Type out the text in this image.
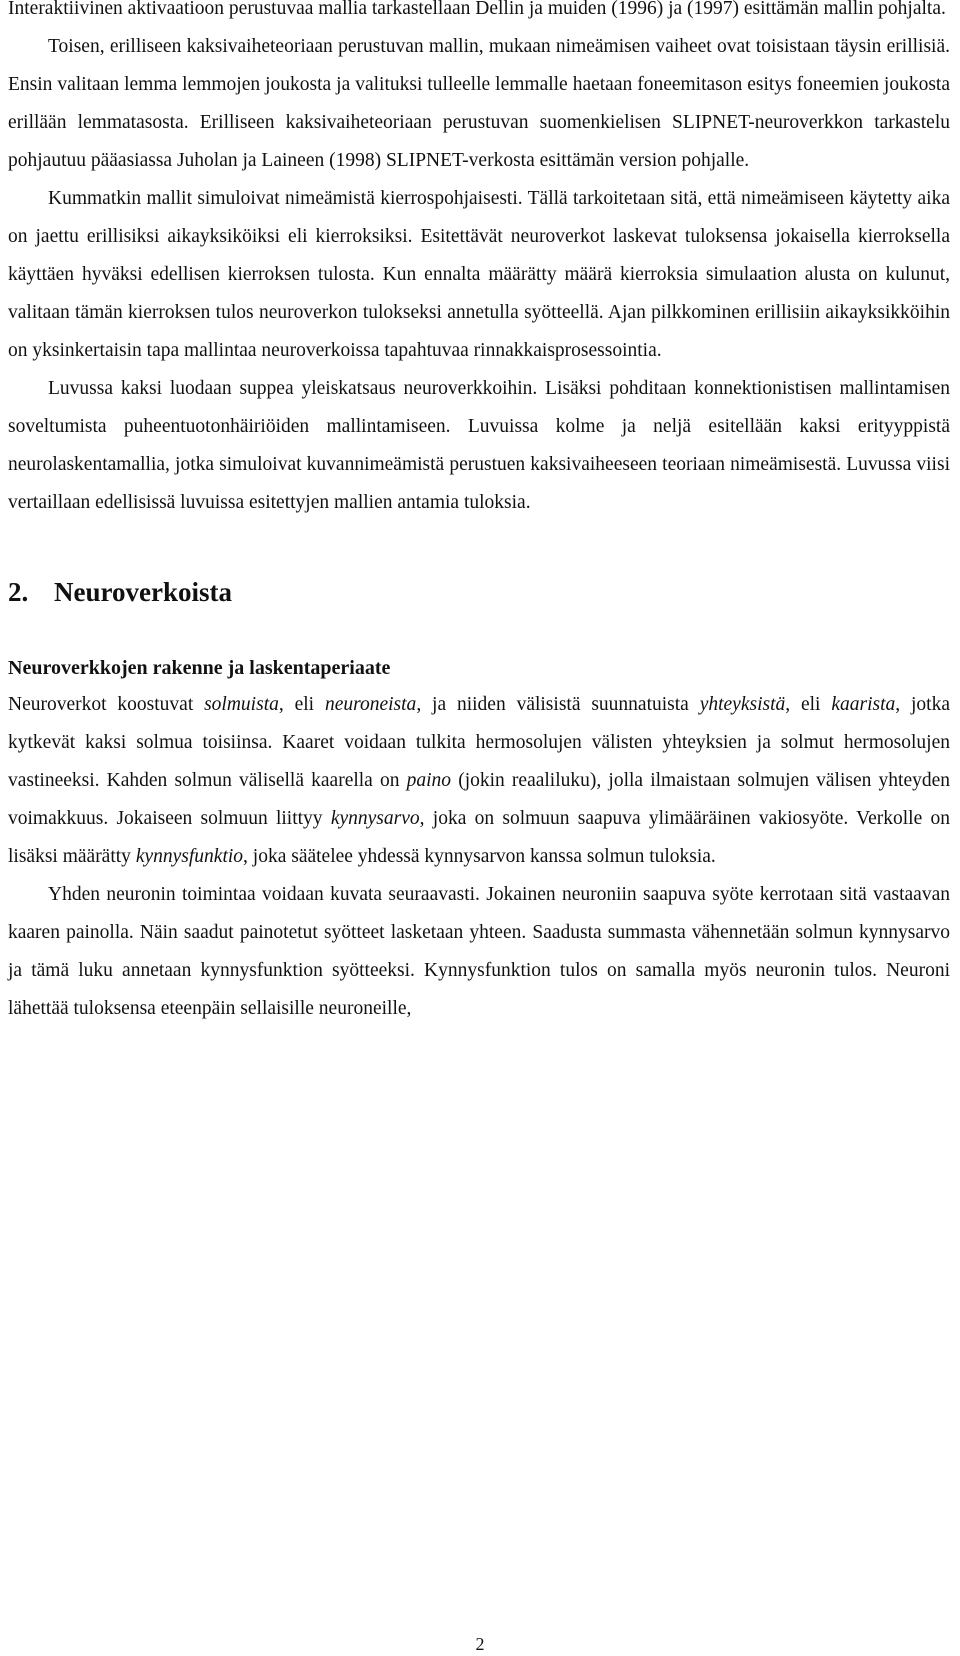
Interaktiivinen aktivaatioon perustuvaa mallia tarkastellaan Dellin ja muiden (1996) ja (1997) esittämän mallin pohjalta.

Toisen, erilliseen kaksivaiheteoriaan perustuvan mallin, mukaan nimeämisen vaiheet ovat toisistaan täysin erillisiä. Ensin valitaan lemma lemmojen joukosta ja valituksi tulleelle lemmalle haetaan foneemitason esitys foneemien joukosta erillään lemmatasosta. Erilliseen kaksivaiheteoriaan perustuvan suomenkielisen SLIPNET-neuroverkkon tarkastelu pohjautuu pääasiassa Juholan ja Laineen (1998) SLIPNET-verkosta esittämän version pohjalle.

Kummatkin mallit simuloivat nimeämistä kierrospohjaisesti. Tällä tarkoitetaan sitä, että nimeämiseen käytetty aika on jaettu erillisiksi aikayksiköiksi eli kierroksiksi. Esitettävät neuroverkot laskevat tuloksensa jokaisella kierroksella käyttäen hyväksi edellisen kierroksen tulosta. Kun ennalta määrätty määrä kierroksia simulaation alusta on kulunut, valitaan tämän kierroksen tulos neuroverkon tulokseksi annetulla syötteellä. Ajan pilkkominen erillisiin aikayksikköihin on yksinkertaisin tapa mallintaa neuroverkoissa tapahtuvaa rinnakkaisprosessointia.

Luvussa kaksi luodaan suppea yleiskatsaus neuroverkkoihin. Lisäksi pohditaan konnektionistisen mallintamisen soveltumista puheentuotonhäiriöiden mallintamiseen. Luvuissa kolme ja neljä esitellään kaksi erityyppistä neurolaskentamallia, jotka simuloivat kuvannimeämistä perustuen kaksivaiheeseen teoriaan nimeämisestä. Luvussa viisi vertaillaan edellisissä luvuissa esitettyjen mallien antamia tuloksia.

2. Neuroverkoista
Neuroverkkojen rakenne ja laskentaperiaate

Neuroverkot koostuvat solmuista, eli neuroneista, ja niiden välisistä suunnatuista yhteyksistä, eli kaarista, jotka kytkevät kaksi solmua toisiinsa. Kaaret voidaan tulkita hermosolujen välisten yhteyksien ja solmut hermosolujen vastineeksi. Kahden solmun välisellä kaarella on paino (jokin reaaliluku), jolla ilmaistaan solmujen välisen yhteyden voimakkuus. Jokaiseen solmuun liittyy kynnysarvo, joka on solmuun saapuva ylimääräinen vakiosyöte. Verkolle on lisäksi määrätty kynnysfunktio, joka säätelee yhdessä kynnysarvon kanssa solmun tuloksia.

Yhden neuronin toimintaa voidaan kuvata seuraavasti. Jokainen neuroniin saapuva syöte kerrotaan sitä vastaavan kaaren painolla. Näin saadut painotetut syötteet lasketaan yhteen. Saadusta summasta vähennetään solmun kynnysarvo ja tämä luku annetaan kynnysfunktion syötteeksi. Kynnysfunktion tulos on samalla myös neuronin tulos. Neuroni lähettää tuloksensa eteenpäin sellaisille neuroneille,

2
